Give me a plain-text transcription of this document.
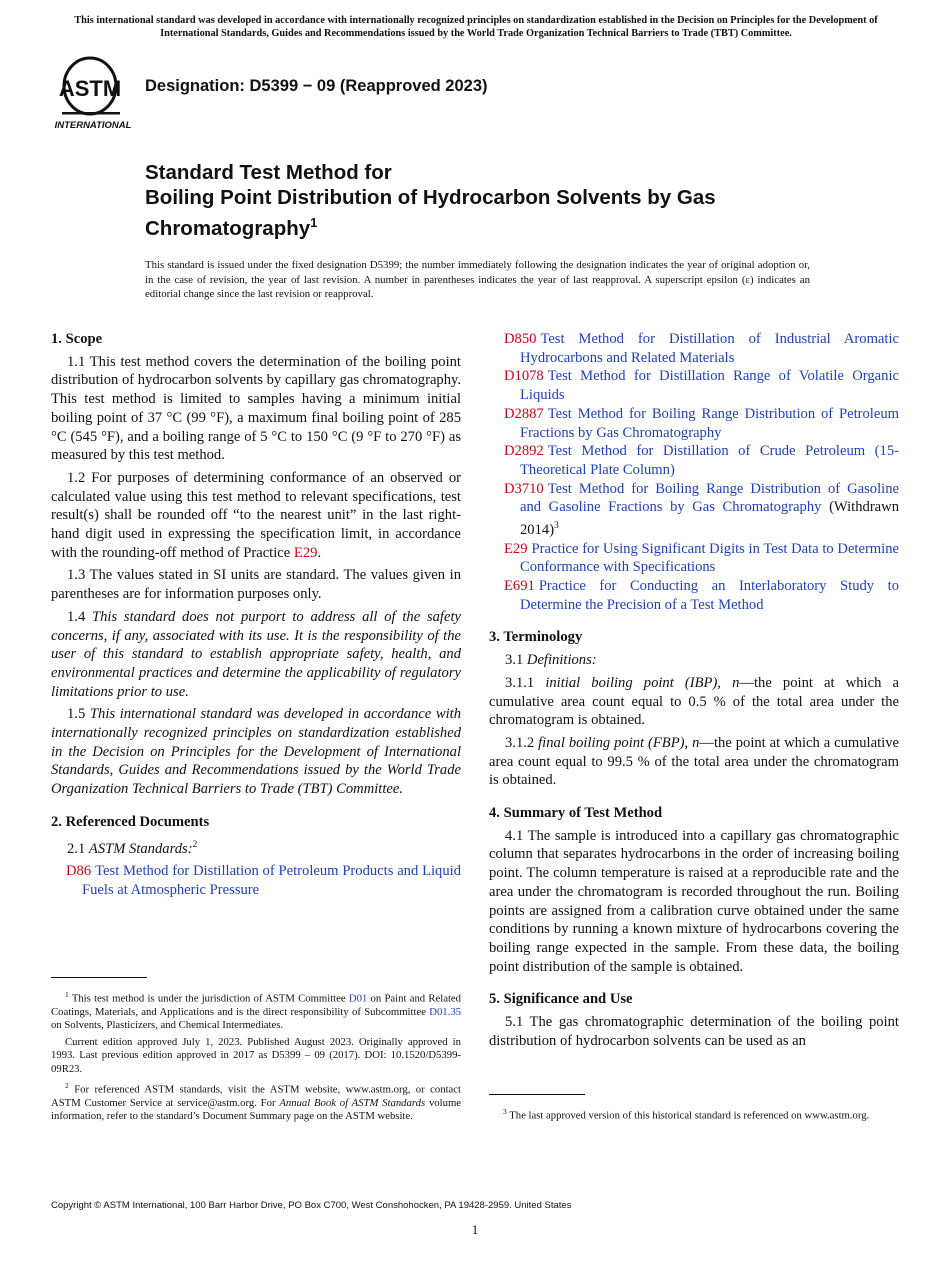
This international standard was developed in accordance with internationally recognized principles on standardization established in the Decision on Principles for the Development of International Standards, Guides and Recommendations issued by the World Trade Organization Technical Barriers to Trade (TBT) Committee.
ASTM
INTERNATIONAL
Designation: D5399 − 09 (Reapproved 2023)
Standard Test Method for
Boiling Point Distribution of Hydrocarbon Solvents by Gas Chromatography$^1$
This standard is issued under the fixed designation D5399; the number immediately following the designation indicates the year of original adoption or, in the case of revision, the year of last revision. A number in parentheses indicates the year of last reapproval. A superscript epsilon (ε) indicates an editorial change since the last revision or reapproval.
1. Scope

1.1 This test method covers the determination of the boiling point distribution of hydrocarbon solvents by capillary gas chromatography. This test method is limited to samples having a minimum initial boiling point of 37 °C (99 °F), a maximum final boiling point of 285 °C (545 °F), and a boiling range of 5 °C to 150 °C (9 °F to 270 °F) as measured by this test method.

1.2 For purposes of determining conformance of an observed or calculated value using this test method to relevant specifications, test result(s) shall be rounded off “to the nearest unit” in the last right-hand digit used in expressing the specification limit, in accordance with the rounding-off method of Practice E29.

1.3 The values stated in SI units are standard. The values given in parentheses are for information purposes only.

1.4 This standard does not purport to address all of the safety concerns, if any, associated with its use. It is the responsibility of the user of this standard to establish appropriate safety, health, and environmental practices and determine the applicability of regulatory limitations prior to use.

1.5 This international standard was developed in accordance with internationally recognized principles on standardization established in the Decision on Principles for the Development of International Standards, Guides and Recommendations issued by the World Trade Organization Technical Barriers to Trade (TBT) Committee.

2. Referenced Documents

2.1 ASTM Standards:$^2$

D86 Test Method for Distillation of Petroleum Products and Liquid Fuels at Atmospheric Pressure

$^1$ This test method is under the jurisdiction of ASTM Committee D01 on Paint and Related Coatings, Materials, and Applications and is the direct responsibility of Subcommittee D01.35 on Solvents, Plasticizers, and Chemical Intermediates.

Current edition approved July 1, 2023. Published August 2023. Originally approved in 1993. Last previous edition approved in 2017 as D5399 – 09 (2017). DOI: 10.1520/D5399-09R23.

$^2$ For referenced ASTM standards, visit the ASTM website, www.astm.org, or contact ASTM Customer Service at service@astm.org. For Annual Book of ASTM Standards volume information, refer to the standard’s Document Summary page on the ASTM website.

D850 Test Method for Distillation of Industrial Aromatic Hydrocarbons and Related Materials

D1078 Test Method for Distillation Range of Volatile Organic Liquids

D2887 Test Method for Boiling Range Distribution of Petroleum Fractions by Gas Chromatography

D2892 Test Method for Distillation of Crude Petroleum (15-Theoretical Plate Column)

D3710 Test Method for Boiling Range Distribution of Gasoline and Gasoline Fractions by Gas Chromatography (Withdrawn 2014)$^3$

E29 Practice for Using Significant Digits in Test Data to Determine Conformance with Specifications

E691 Practice for Conducting an Interlaboratory Study to Determine the Precision of a Test Method

3. Terminology

3.1 Definitions:

3.1.1 initial boiling point (IBP), n—the point at which a cumulative area count equal to 0.5 % of the total area under the chromatogram is obtained.

3.1.2 final boiling point (FBP), n—the point at which a cumulative area count equal to 99.5 % of the total area under the chromatogram is obtained.

4. Summary of Test Method

4.1 The sample is introduced into a capillary gas chromatographic column that separates hydrocarbons in the order of increasing boiling point. The column temperature is raised at a reproducible rate and the area under the chromatogram is recorded throughout the run. Boiling points are assigned from a calibration curve obtained under the same conditions by running a known mixture of hydrocarbons covering the boiling range expected in the sample. From these data, the boiling point distribution of the sample is obtained.

5. Significance and Use

5.1 The gas chromatographic determination of the boiling point distribution of hydrocarbon solvents can be used as an

$^3$ The last approved version of this historical standard is referenced on www.astm.org.

Copyright © ASTM International, 100 Barr Harbor Drive, PO Box C700, West Conshohocken, PA 19428-2959. United States
1
